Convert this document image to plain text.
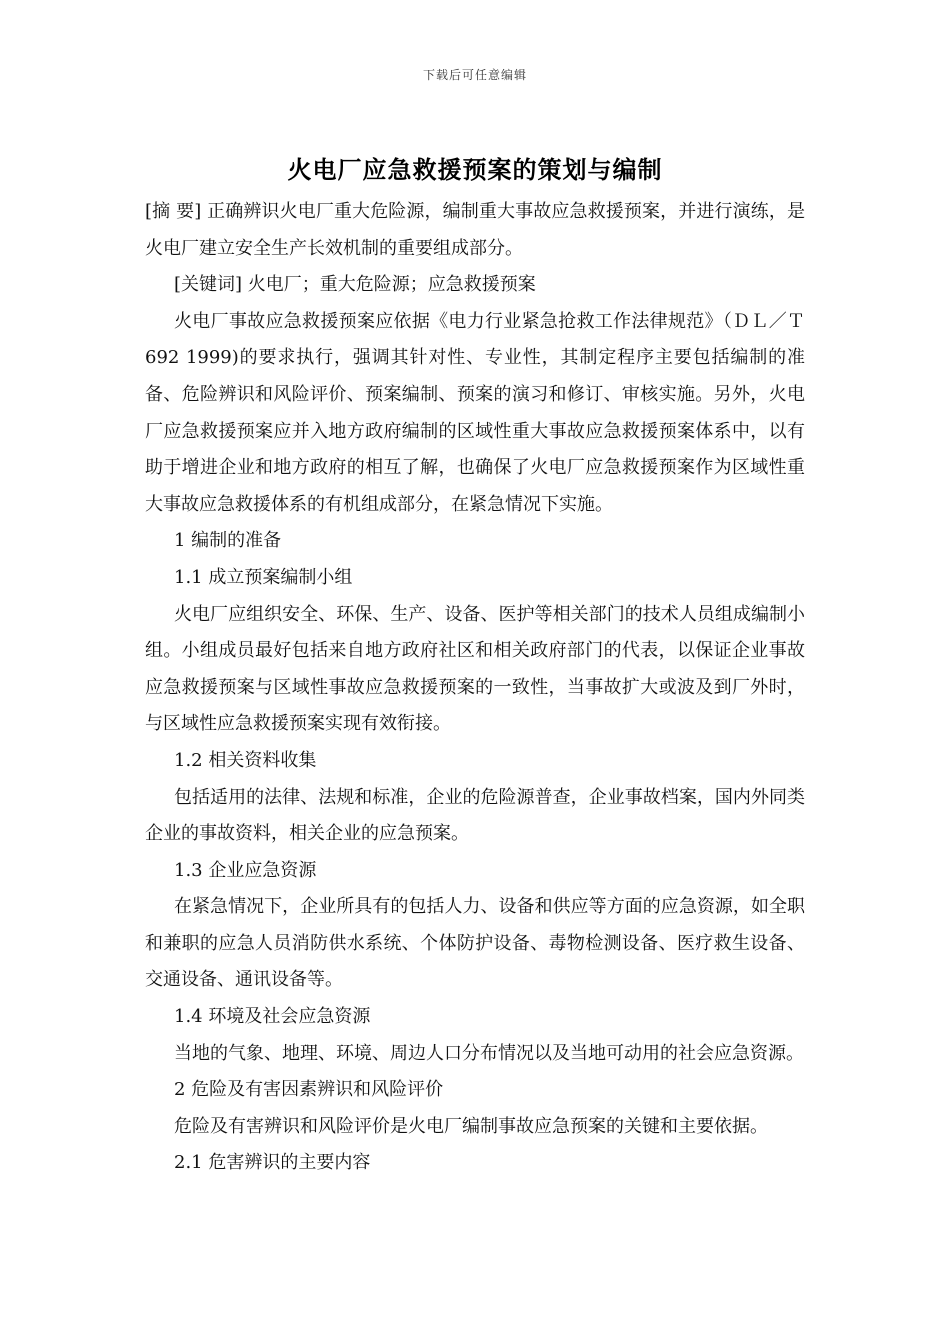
下载后可任意编辑
火电厂应急救援预案的策划与编制

[摘 要] 正确辨识火电厂重大危险源，编制重大事故应急救援预案，并进行演练，是火电厂建立安全生产长效机制的重要组成部分。

[关键词] 火电厂；重大危险源；应急救援预案

火电厂事故应急救援预案应依据《电力行业紧急抢救工作法律规范》（ＤＬ／Ｔ 692 1999)的要求执行，强调其针对性、专业性，其制定程序主要包括编制的准备、危险辨识和风险评价、预案编制、预案的演习和修订、审核实施。另外，火电厂应急救援预案应并入地方政府编制的区域性重大事故应急救援预案体系中，以有助于增进企业和地方政府的相互了解，也确保了火电厂应急救援预案作为区域性重大事故应急救援体系的有机组成部分，在紧急情况下实施。

1 编制的准备

1.1 成立预案编制小组

火电厂应组织安全、环保、生产、设备、医护等相关部门的技术人员组成编制小组。小组成员最好包括来自地方政府社区和相关政府部门的代表，以保证企业事故应急救援预案与区域性事故应急救援预案的一致性，当事故扩大或波及到厂外时，与区域性应急救援预案实现有效衔接。

1.2 相关资料收集

包括适用的法律、法规和标准，企业的危险源普查，企业事故档案，国内外同类企业的事故资料，相关企业的应急预案。

1.3 企业应急资源

在紧急情况下，企业所具有的包括人力、设备和供应等方面的应急资源，如全职和兼职的应急人员消防供水系统、个体防护设备、毒物检测设备、医疗救生设备、交通设备、通讯设备等。

1.4 环境及社会应急资源

当地的气象、地理、环境、周边人口分布情况以及当地可动用的社会应急资源。

2 危险及有害因素辨识和风险评价

危险及有害辨识和风险评价是火电厂编制事故应急预案的关键和主要依据。

2.1 危害辨识的主要内容
